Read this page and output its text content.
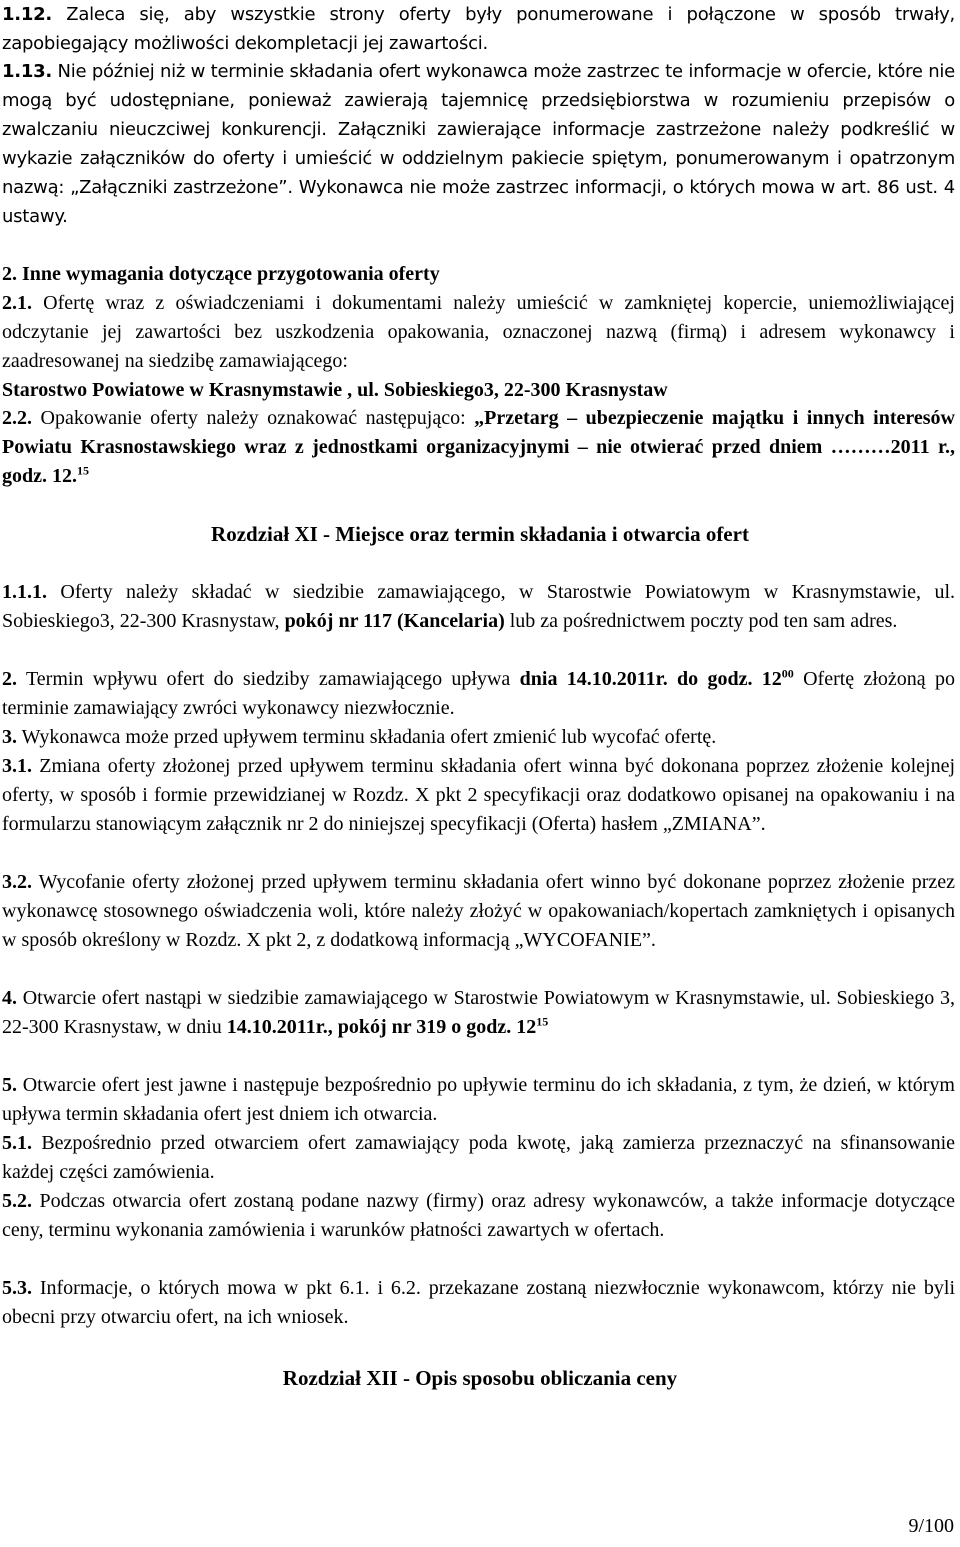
1.12. Zaleca się, aby wszystkie strony oferty były ponumerowane i połączone w sposób trwały, zapobiegający możliwości dekompletacji jej zawartości.

1.13. Nie później niż w terminie składania ofert wykonawca może zastrzec te informacje w ofercie, które nie mogą być udostępniane, ponieważ zawierają tajemnicę przedsiębiorstwa w rozumieniu przepisów o zwalczaniu nieuczciwej konkurencji. Załączniki zawierające informacje zastrzeżone należy podkreślić w wykazie załączników do oferty i umieścić w oddzielnym pakiecie spiętym, ponumerowanym i opatrzonym nazwą: „Załączniki zastrzeżone”. Wykonawca nie może zastrzec informacji, o których mowa w art. 86 ust. 4 ustawy.

2. Inne wymagania dotyczące przygotowania oferty

2.1. Ofertę wraz z oświadczeniami i dokumentami należy umieścić w zamkniętej kopercie, uniemożliwiającej odczytanie jej zawartości bez uszkodzenia opakowania, oznaczonej nazwą (firmą) i adresem wykonawcy i zaadresowanej na siedzibę zamawiającego:
Starostwo Powiatowe w Krasnymstawie , ul. Sobieskiego3, 22-300 Krasnystaw

2.2. Opakowanie oferty należy oznakować następująco: „Przetarg – ubezpieczenie majątku i innych interesów Powiatu Krasnostawskiego wraz z jednostkami organizacyjnymi – nie otwierać przed dniem ………2011 r., godz. 12.15

Rozdział XI - Miejsce oraz termin składania i otwarcia ofert

1.1.1. Oferty należy składać w siedzibie zamawiającego, w Starostwie Powiatowym w Krasnymstawie, ul. Sobieskiego3, 22-300 Krasnystaw, pokój nr 117 (Kancelaria) lub za pośrednictwem poczty pod ten sam adres.

2. Termin wpływu ofert do siedziby zamawiającego upływa dnia 14.10.2011r. do godz. $12^{00}$ Ofertę złożoną po terminie zamawiający zwróci wykonawcy niezwłocznie.

3. Wykonawca może przed upływem terminu składania ofert zmienić lub wycofać ofertę.

3.1. Zmiana oferty złożonej przed upływem terminu składania ofert winna być dokonana poprzez złożenie kolejnej oferty, w sposób i formie przewidzianej w Rozdz. X pkt 2 specyfikacji oraz dodatkowo opisanej na opakowaniu i na formularzu stanowiącym załącznik nr 2 do niniejszej specyfikacji (Oferta) hasłem „ZMIANA”.

3.2. Wycofanie oferty złożonej przed upływem terminu składania ofert winno być dokonane poprzez złożenie przez wykonawcę stosownego oświadczenia woli, które należy złożyć w opakowaniach/kopertach zamkniętych i opisanych w sposób określony w Rozdz. X pkt 2, z dodatkową informacją „WYCOFANIE”.

4. Otwarcie ofert nastąpi w siedzibie zamawiającego w Starostwie Powiatowym w Krasnymstawie, ul. Sobieskiego 3, 22-300 Krasnystaw, w dniu 14.10.2011r., pokój nr 319 o godz. $12^{15}$

5. Otwarcie ofert jest jawne i następuje bezpośrednio po upływie terminu do ich składania, z tym, że dzień, w którym upływa termin składania ofert jest dniem ich otwarcia.

5.1. Bezpośrednio przed otwarciem ofert zamawiający poda kwotę, jaką zamierza przeznaczyć na sfinansowanie każdej części zamówienia.

5.2. Podczas otwarcia ofert zostaną podane nazwy (firmy) oraz adresy wykonawców, a także informacje dotyczące ceny, terminu wykonania zamówienia i warunków płatności zawartych w ofertach.

5.3. Informacje, o których mowa w pkt 6.1. i 6.2. przekazane zostaną niezwłocznie wykonawcom, którzy nie byli obecni przy otwarciu ofert, na ich wniosek.

Rozdział XII - Opis sposobu obliczania ceny

9/100
